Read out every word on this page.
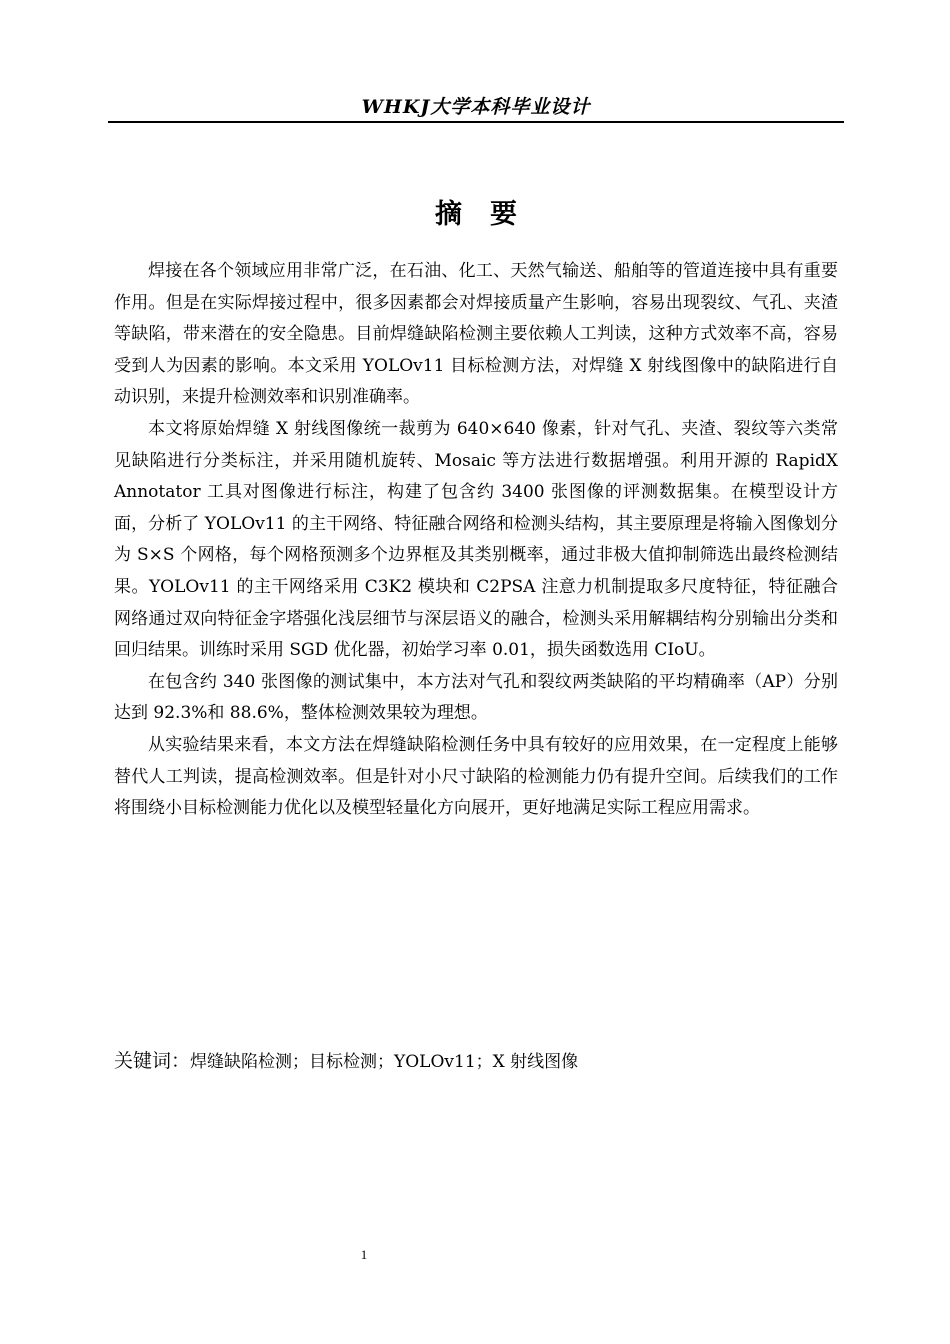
WHKJ大学本科毕业设计
摘要

焊接在各个领域应用非常广泛，在石油、化工、天然气输送、船舶等的管道连接中具有重要作用。但是在实际焊接过程中，很多因素都会对焊接质量产生影响，容易出现裂纹、气孔、夹渣等缺陷，带来潜在的安全隐患。目前焊缝缺陷检测主要依赖人工判读，这种方式效率不高，容易受到人为因素的影响。本文采用 YOLOv11 目标检测方法，对焊缝 X 射线图像中的缺陷进行自动识别，来提升检测效率和识别准确率。

本文将原始焊缝 X 射线图像统一裁剪为 640×640 像素，针对气孔、夹渣、裂纹等六类常见缺陷进行分类标注，并采用随机旋转、Mosaic 等方法进行数据增强。利用开源的 RapidX Annotator 工具对图像进行标注，构建了包含约 3400 张图像的评测数据集。在模型设计方面，分析了 YOLOv11 的主干网络、特征融合网络和检测头结构，其主要原理是将输入图像划分为 S×S 个网格，每个网格预测多个边界框及其类别概率，通过非极大值抑制筛选出最终检测结果。YOLOv11 的主干网络采用 C3K2 模块和 C2PSA 注意力机制提取多尺度特征，特征融合网络通过双向特征金字塔强化浅层细节与深层语义的融合，检测头采用解耦结构分别输出分类和回归结果。训练时采用 SGD 优化器，初始学习率 0.01，损失函数选用 CIoU。

在包含约 340 张图像的测试集中，本方法对气孔和裂纹两类缺陷的平均精确率（AP）分别达到 92.3%和 88.6%，整体检测效果较为理想。

从实验结果来看，本文方法在焊缝缺陷检测任务中具有较好的应用效果，在一定程度上能够替代人工判读，提高检测效率。但是针对小尺寸缺陷的检测能力仍有提升空间。后续我们的工作将围绕小目标检测能力优化以及模型轻量化方向展开，更好地满足实际工程应用需求。

关键词：焊缝缺陷检测；目标检测；YOLOv11；X 射线图像
1
